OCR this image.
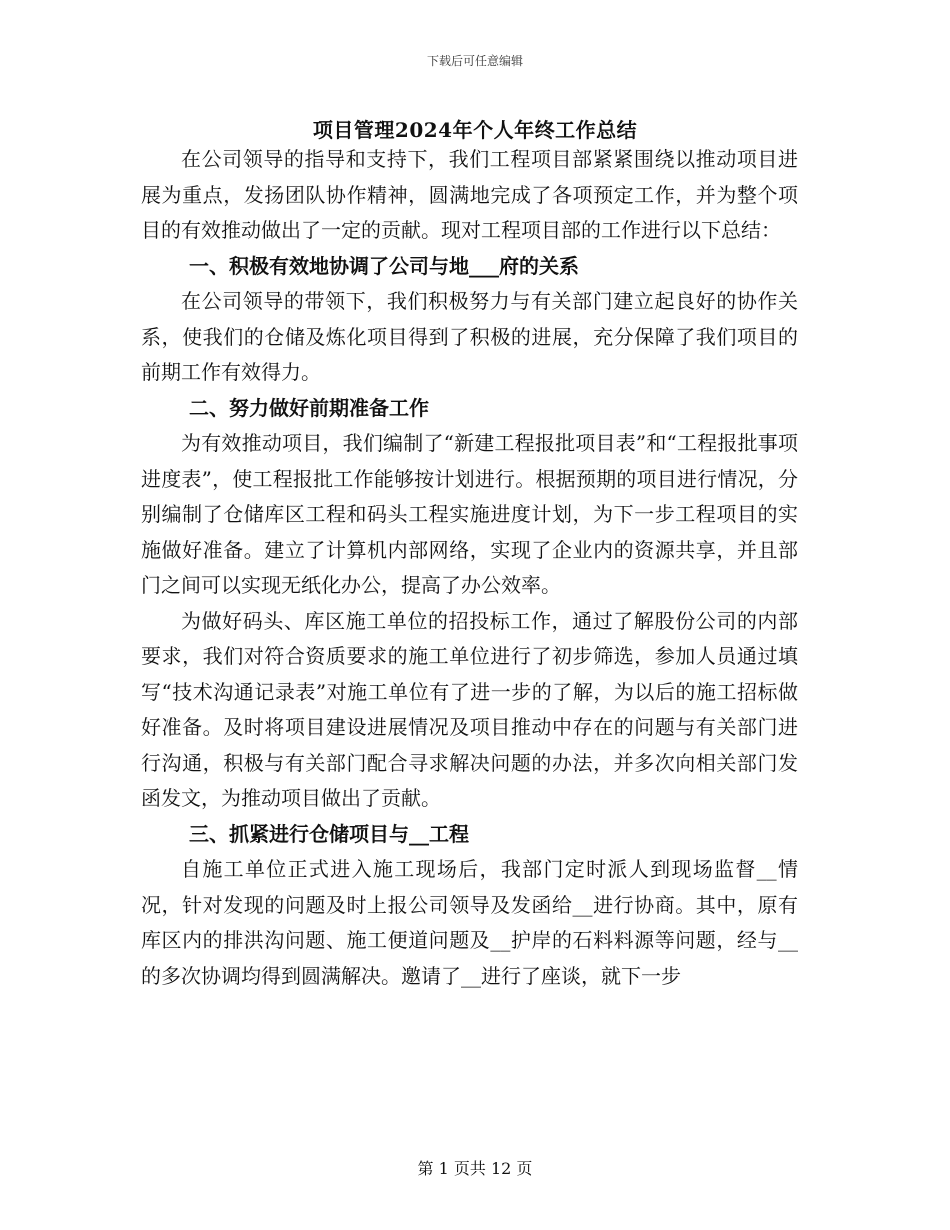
下载后可任意编辑
项目管理2024年个人年终工作总结

在公司领导的指导和支持下，我们工程项目部紧紧围绕以推动项目进展为重点，发扬团队协作精神，圆满地完成了各项预定工作，并为整个项目的有效推动做出了一定的贡献。现对工程项目部的工作进行以下总结：

一、积极有效地协调了公司与地___府的关系

在公司领导的带领下，我们积极努力与有关部门建立起良好的协作关系，使我们的仓储及炼化项目得到了积极的进展，充分保障了我们项目的前期工作有效得力。

二、努力做好前期准备工作

为有效推动项目，我们编制了“新建工程报批项目表”和“工程报批事项进度表”，使工程报批工作能够按计划进行。根据预期的项目进行情况，分别编制了仓储库区工程和码头工程实施进度计划，为下一步工程项目的实施做好准备。建立了计算机内部网络，实现了企业内的资源共享，并且部门之间可以实现无纸化办公，提高了办公效率。

为做好码头、库区施工单位的招投标工作，通过了解股份公司的内部要求，我们对符合资质要求的施工单位进行了初步筛选，参加人员通过填写“技术沟通记录表”对施工单位有了进一步的了解，为以后的施工招标做好准备。及时将项目建设进展情况及项目推动中存在的问题与有关部门进行沟通，积极与有关部门配合寻求解决问题的办法，并多次向相关部门发函发文，为推动项目做出了贡献。

三、抓紧进行仓储项目与__工程

自施工单位正式进入施工现场后，我部门定时派人到现场监督__情况，针对发现的问题及时上报公司领导及发函给__进行协商。其中，原有库区内的排洪沟问题、施工便道问题及__护岸的石料料源等问题，经与__的多次协调均得到圆满解决。邀请了__进行了座谈，就下一步

第 1 页共 12 页
